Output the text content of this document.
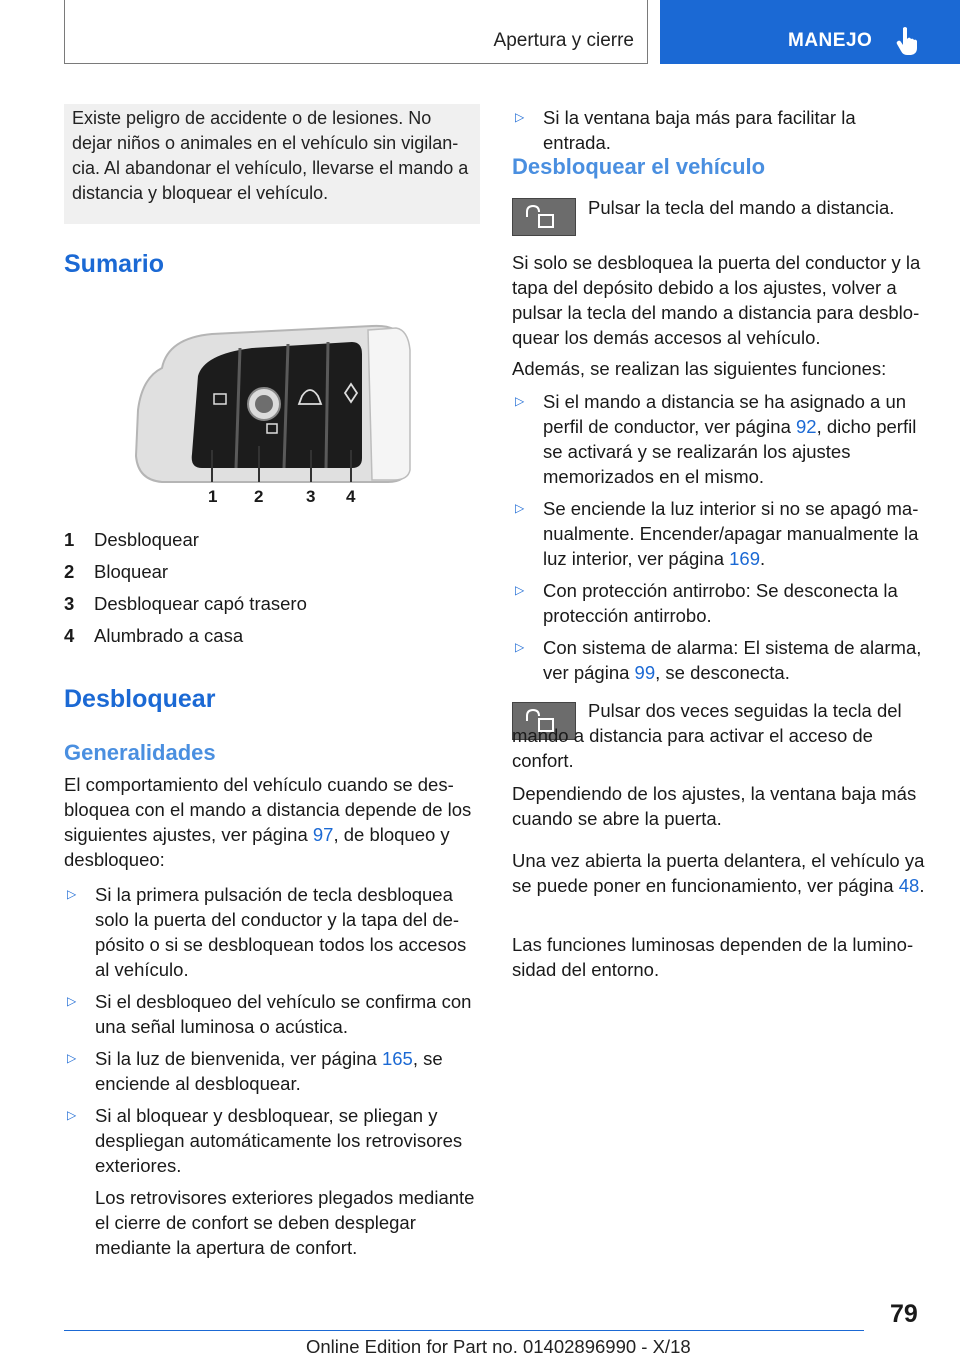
Apertura y cierre	MANEJO

Existe peligro de accidente o de lesiones. No dejar niños o animales en el vehículo sin vigilancia. Al abandonar el vehículo, llevarse el mando a distancia y bloquear el vehículo.

Sumario
1 2	3 4
1	Desbloquear
2	Bloquear
3	Desbloquear capó trasero
4	Alumbrado a casa
Desbloquear
Generalidades
El comportamiento del vehículo cuando se desbloquea con el mando a distancia depende de los siguientes ajustes, ver página 97, de bloqueo y desbloqueo:
▷	Si la primera pulsación de tecla desbloquea solo la puerta del conductor y la tapa del depósito o si se desbloquean todos los accesos al vehículo.
▷	Si el desbloqueo del vehículo se confirma con una señal luminosa o acústica.
▷	Si la luz de bienvenida, ver página 165, se enciende al desbloquear.
▷	Si al bloquear y desbloquear, se pliegan y despliegan automáticamente los retrovisores exteriores.
Los retrovisores exteriores plegados mediante el cierre de confort se deben desplegar mediante la apertura de confort.
▷	Si la ventana baja más para facilitar la entrada.
Desbloquear el vehículo
Pulsar la tecla del mando a distancia.
Si solo se desbloquea la puerta del conductor y la tapa del depósito debido a los ajustes, volver a pulsar la tecla del mando a distancia para desbloquear los demás accesos al vehículo.
Además, se realizan las siguientes funciones:
▷	Si el mando a distancia se ha asignado a un perfil de conductor, ver página 92, dicho perfil se activará y se realizarán los ajustes memorizados en el mismo.
▷	Se enciende la luz interior si no se apagó manualmente. Encender/apagar manualmente la luz interior, ver página 169.
▷	Con protección antirrobo: Se desconecta la protección antirrobo.
▷	Con sistema de alarma: El sistema de alarma, ver página 99, se desconecta.
Pulsar dos veces seguidas la tecla del mando a distancia para activar el acceso de confort.
Dependiendo de los ajustes, la ventana baja más cuando se abre la puerta.
Una vez abierta la puerta delantera, el vehículo ya se puede poner en funcionamiento, ver página 48.
Las funciones luminosas dependen de la luminosidad del entorno.
79
Online Edition for Part no. 01402896990 - X/18
